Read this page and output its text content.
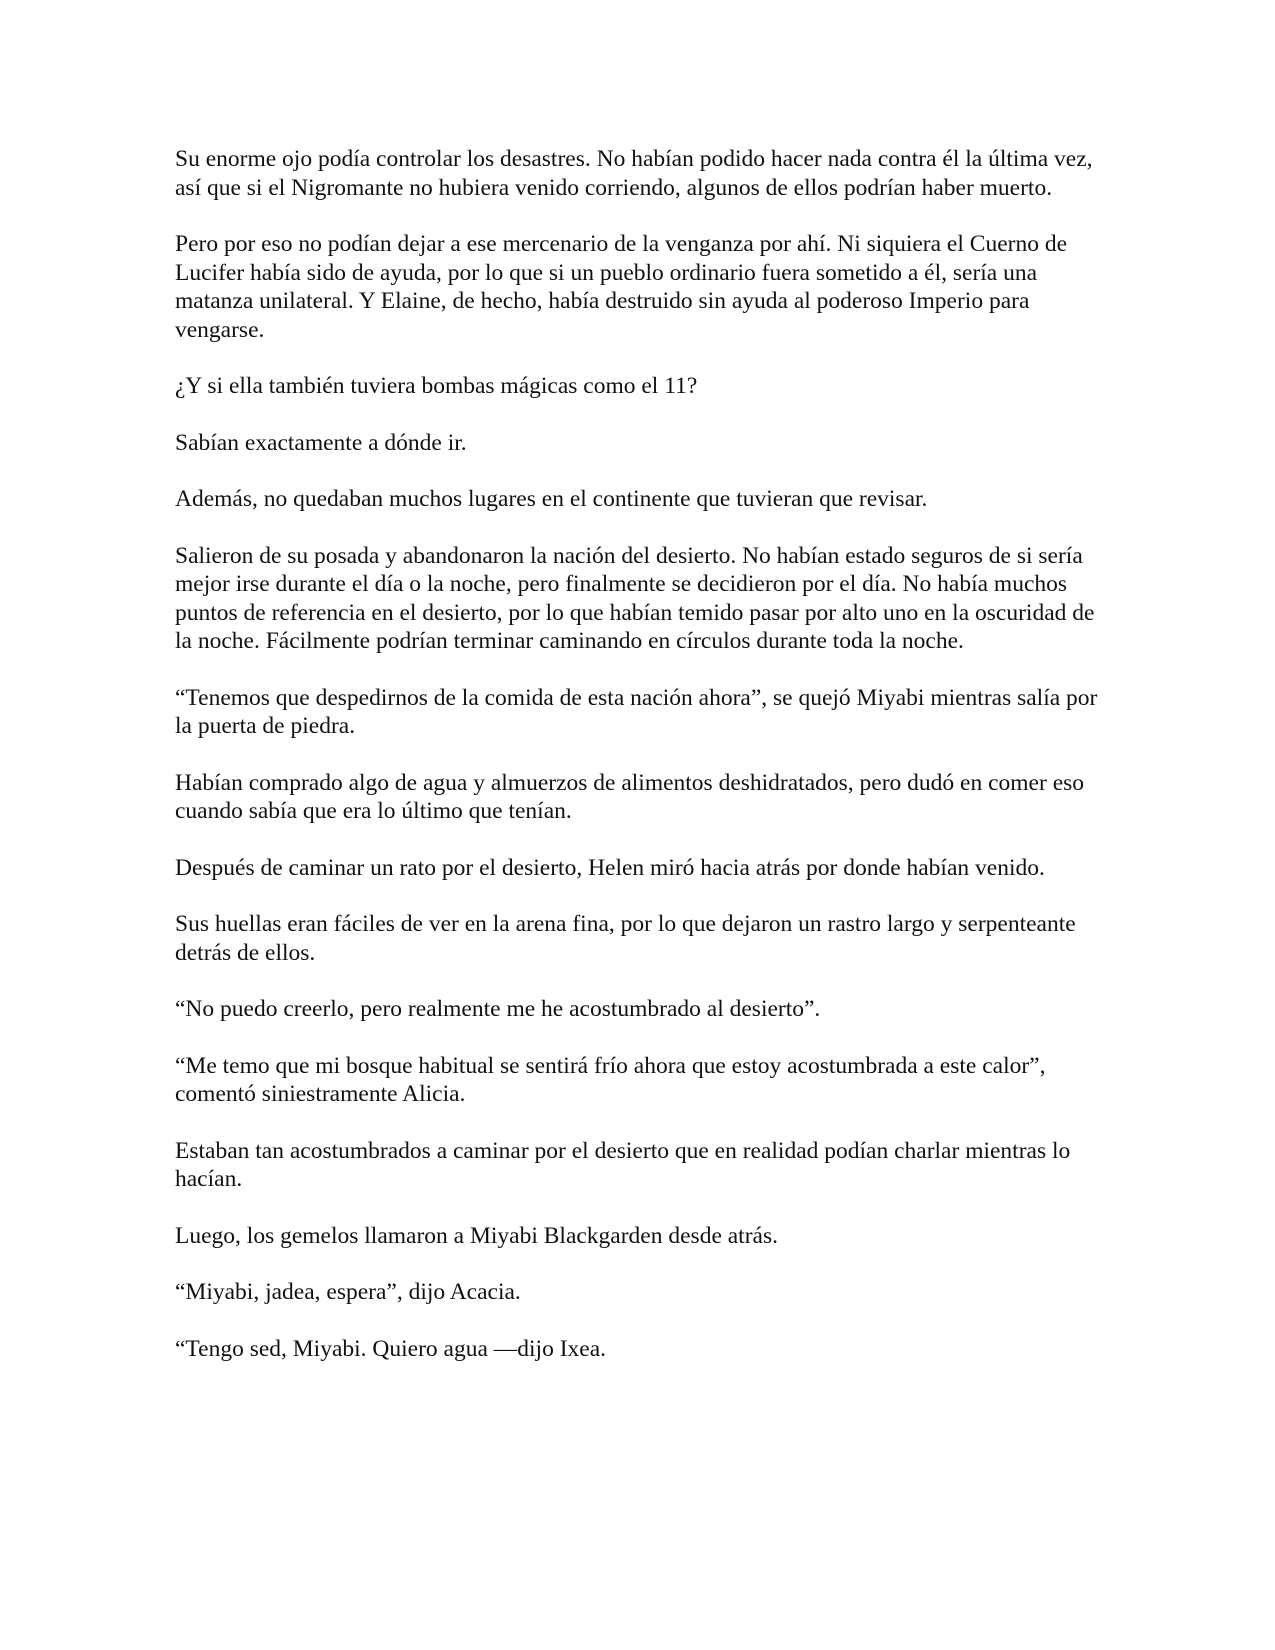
Su enorme ojo podía controlar los desastres. No habían podido hacer nada contra él la última vez, así que si el Nigromante no hubiera venido corriendo, algunos de ellos podrían haber muerto.

Pero por eso no podían dejar a ese mercenario de la venganza por ahí. Ni siquiera el Cuerno de Lucifer había sido de ayuda, por lo que si un pueblo ordinario fuera sometido a él, sería una matanza unilateral. Y Elaine, de hecho, había destruido sin ayuda al poderoso Imperio para vengarse.

¿Y si ella también tuviera bombas mágicas como el 11?

Sabían exactamente a dónde ir.

Además, no quedaban muchos lugares en el continente que tuvieran que revisar.

Salieron de su posada y abandonaron la nación del desierto. No habían estado seguros de si sería mejor irse durante el día o la noche, pero finalmente se decidieron por el día. No había muchos puntos de referencia en el desierto, por lo que habían temido pasar por alto uno en la oscuridad de la noche. Fácilmente podrían terminar caminando en círculos durante toda la noche.

“Tenemos que despedirnos de la comida de esta nación ahora”, se quejó Miyabi mientras salía por la puerta de piedra.

Habían comprado algo de agua y almuerzos de alimentos deshidratados, pero dudó en comer eso cuando sabía que era lo último que tenían.

Después de caminar un rato por el desierto, Helen miró hacia atrás por donde habían venido.

Sus huellas eran fáciles de ver en la arena fina, por lo que dejaron un rastro largo y serpenteante detrás de ellos.

“No puedo creerlo, pero realmente me he acostumbrado al desierto”.

“Me temo que mi bosque habitual se sentirá frío ahora que estoy acostumbrada a este calor”, comentó siniestramente Alicia.

Estaban tan acostumbrados a caminar por el desierto que en realidad podían charlar mientras lo hacían.

Luego, los gemelos llamaron a Miyabi Blackgarden desde atrás.

“Miyabi, jadea, espera”, dijo Acacia.

“Tengo sed, Miyabi. Quiero agua —dijo Ixea.
